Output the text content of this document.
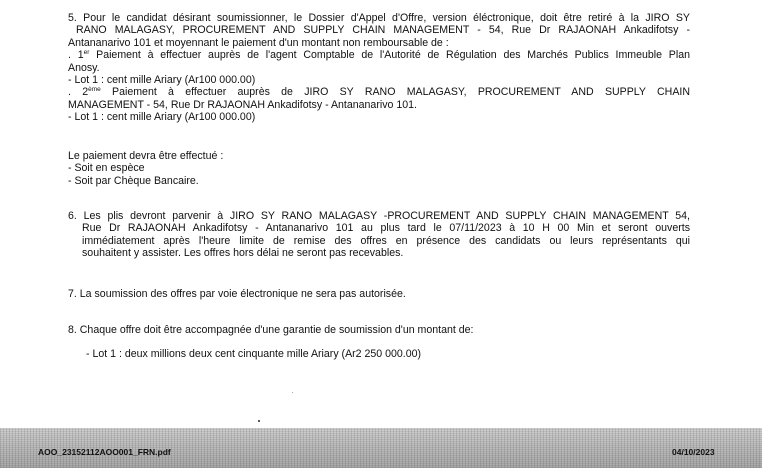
5. Pour le candidat désirant soumissionner, le Dossier d'Appel d'Offre, version éléctronique, doit être retiré à la JIRO SY

RANO MALAGASY, PROCUREMENT AND SUPPLY CHAIN MANAGEMENT - 54, Rue Dr RAJAONAH Ankadifotsy -

Antananarivo 101 et moyennant le paiement d'un montant non remboursable de :

. 1er Paiement à effectuer auprès de l'agent Comptable de l'Autorité de Régulation des Marchés Publics Immeuble Plan

Anosy.

- Lot 1 : cent mille Ariary (Ar100 000.00)

. 2ème Paiement à effectuer auprès de JIRO SY RANO MALAGASY, PROCUREMENT AND SUPPLY CHAIN

MANAGEMENT - 54, Rue Dr RAJAONAH Ankadifotsy - Antananarivo 101.

- Lot 1 : cent mille Ariary (Ar100 000.00)

Le paiement devra être effectué :

- Soit en espèce

- Soit par Chèque Bancaire.

6. Les plis devront parvenir à JIRO SY RANO MALAGASY -PROCUREMENT AND SUPPLY CHAIN MANAGEMENT 54,

Rue Dr RAJAONAH Ankadifotsy - Antananarivo 101 au plus tard le 07/11/2023 à 10 H 00 Min et seront ouverts

immédiatement après l'heure limite de remise des offres en présence des candidats ou leurs représentants qui

souhaitent y assister. Les offres hors délai ne seront pas recevables.

7. La soumission des offres par voie électronique ne sera pas autorisée.

8. Chaque offre doit être accompagnée d'une garantie de soumission d'un montant de:

- Lot 1 : deux millions deux cent cinquante mille Ariary (Ar2 250 000.00)

AOO_23152112AOO001_FRN.pdf	04/10/2023
